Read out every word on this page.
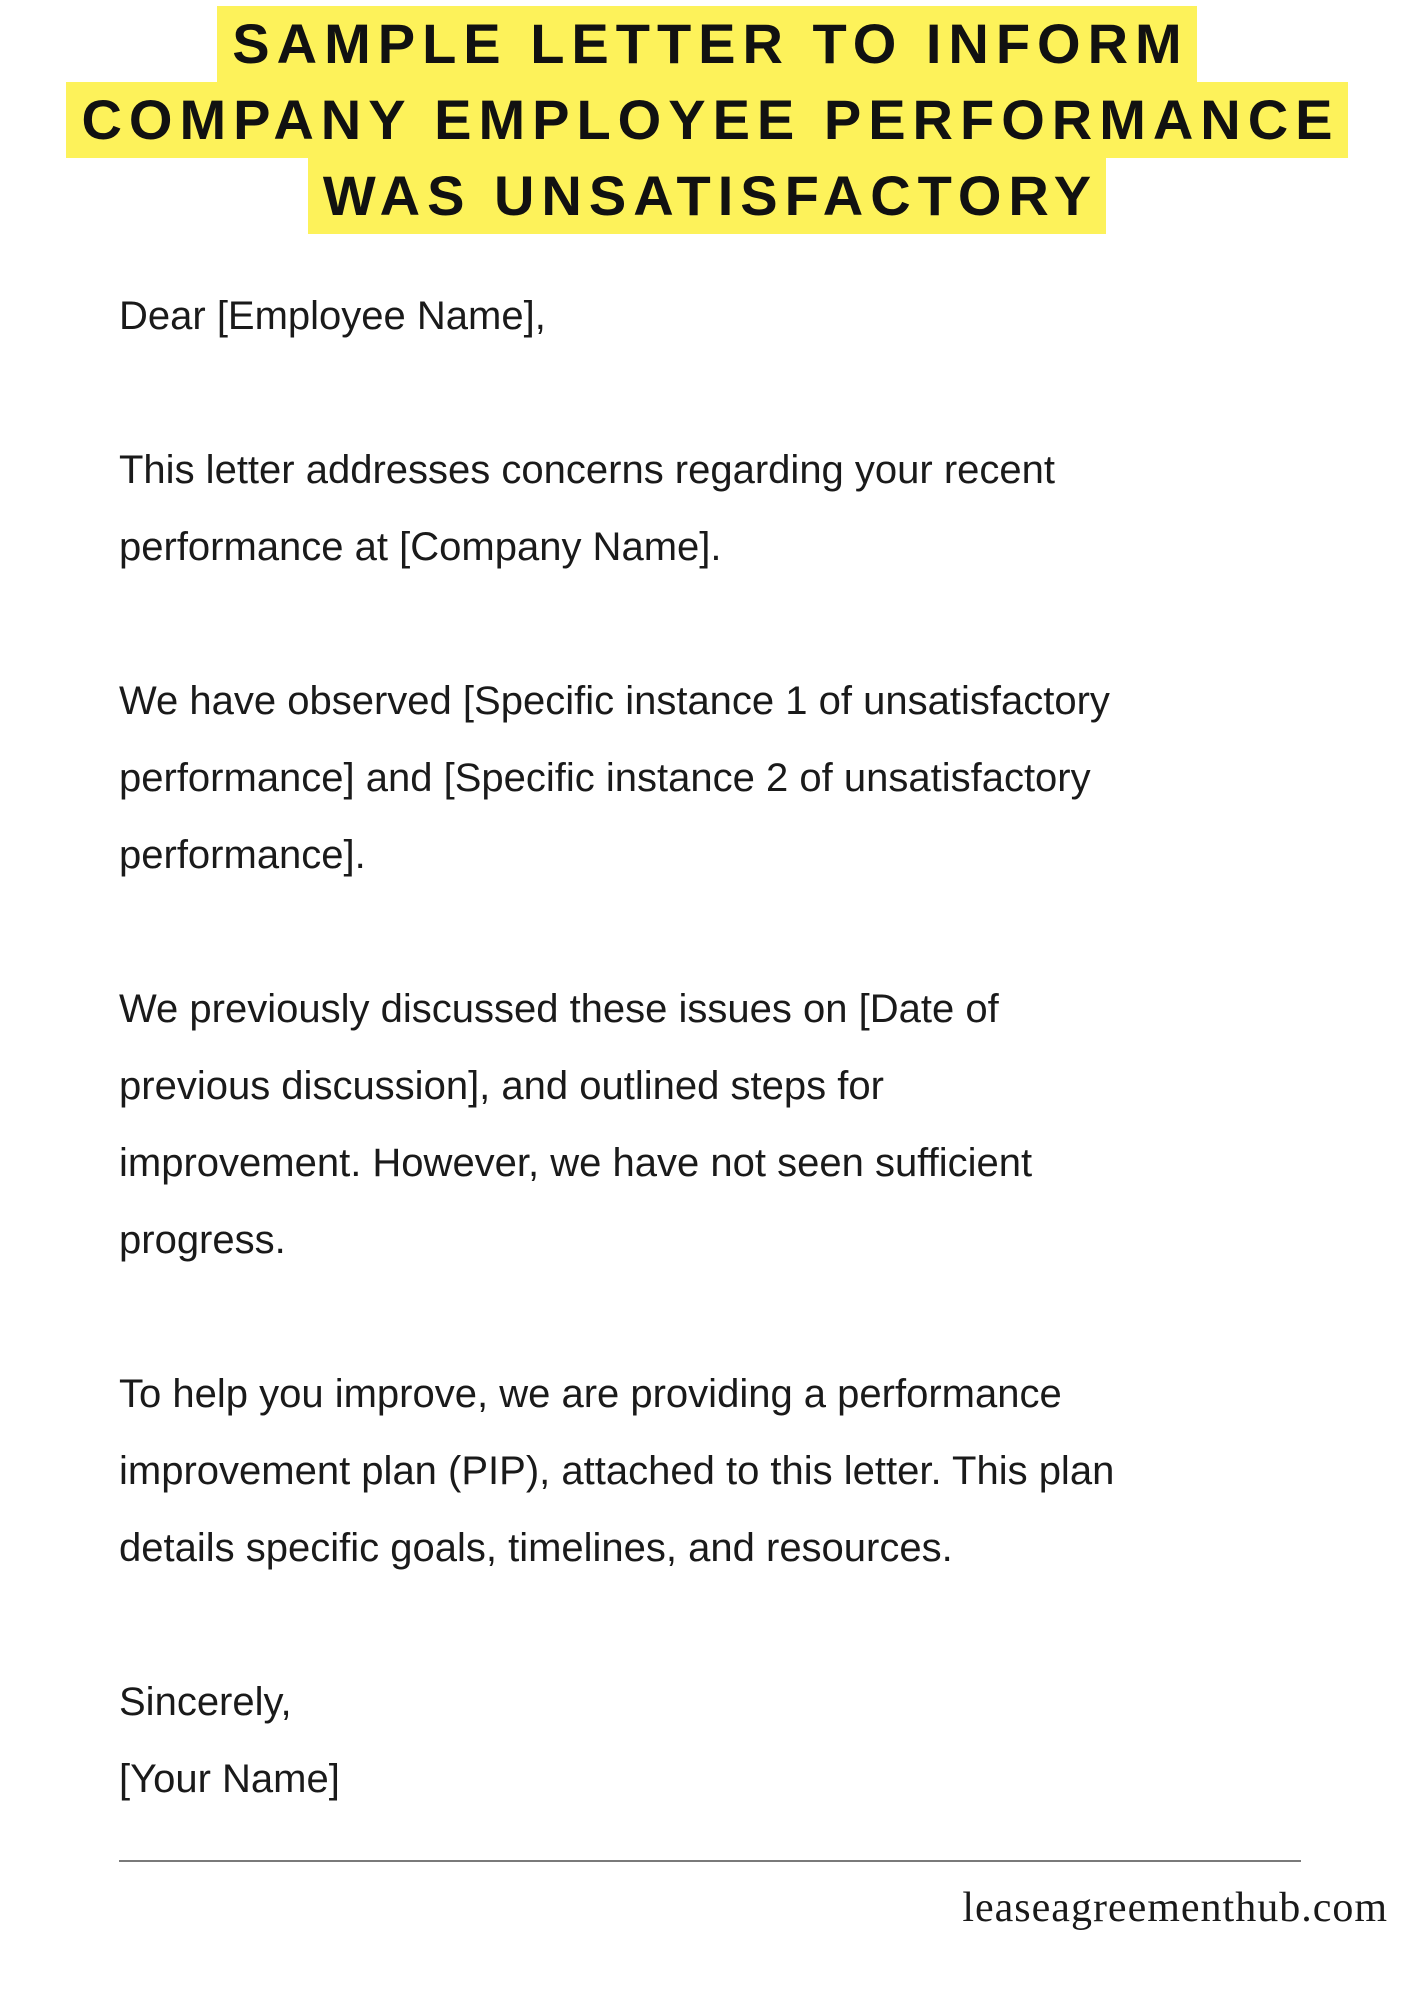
SAMPLE LETTER TO INFORM
COMPANY EMPLOYEE PERFORMANCE
WAS UNSATISFACTORY

Dear [Employee Name],

This letter addresses concerns regarding your recent

performance at [Company Name].

We have observed [Specific instance 1 of unsatisfactory

performance] and [Specific instance 2 of unsatisfactory

performance].

We previously discussed these issues on [Date of

previous discussion], and outlined steps for

improvement. However, we have not seen sufficient

progress.

To help you improve, we are providing a performance

improvement plan (PIP), attached to this letter. This plan

details specific goals, timelines, and resources.

Sincerely,

[Your Name]

leaseagreementhub.com
